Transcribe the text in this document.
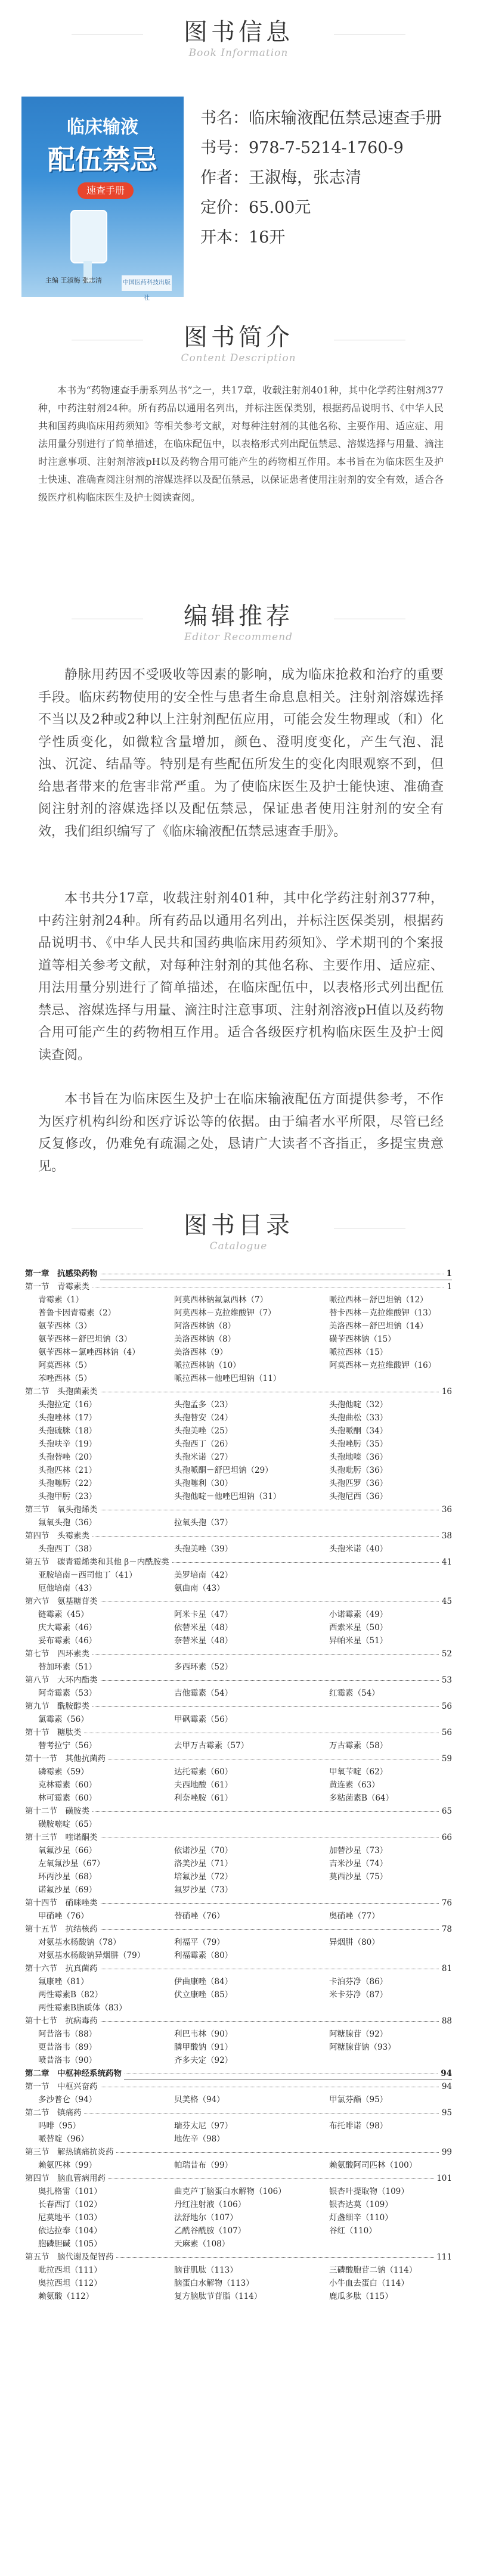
图书信息
Book Information
临床输液
配伍禁忌
速查手册
主编 王淑梅 张志清	中国医药科技出版社
书名：临床输液配伍禁忌速查手册
书号：978-7-5214-1760-9
作者：王淑梅，张志清
定价：65.00元
开本：16开
图书简介
Content Description
本书为“药物速查手册系列丛书”之一，共17章，收载注射剂401种，其中化学药注射剂377种，中药注射剂24种。所有药品以通用名列出，并标注医保类别，根据药品说明书、《中华人民共和国药典临床用药须知》等相关参考文献，对每种注射剂的其他名称、主要作用、适应症、用法用量分别进行了简单描述，在临床配伍中，以表格形式列出配伍禁忌、溶媒选择与用量、滴注时注意事项、注射剂溶液pH以及药物合用可能产生的药物相互作用。本书旨在为临床医生及护士快速、准确查阅注射剂的溶媒选择以及配伍禁忌，以保证患者使用注射剂的安全有效，适合各级医疗机构临床医生及护士阅读查阅。
编辑推荐
Editor Recommend
静脉用药因不受吸收等因素的影响，成为临床抢救和治疗的重要手段。临床药物使用的安全性与患者生命息息相关。注射剂溶媒选择不当以及2种或2种以上注射剂配伍应用，可能会发生物理或（和）化学性质变化，如微粒含量增加，颜色、澄明度变化，产生气泡、混浊、沉淀、结晶等。特别是有些配伍所发生的变化肉眼观察不到，但给患者带来的危害非常严重。为了使临床医生及护士能快速、准确查阅注射剂的溶媒选择以及配伍禁忌，保证患者使用注射剂的安全有效，我们组织编写了《临床输液配伍禁忌速查手册》。
本书共分17章，收载注射剂401种，其中化学药注射剂377种，中药注射剂24种。所有药品以通用名列出，并标注医保类别，根据药品说明书、《中华人民共和国药典临床用药须知》、学术期刊的个案报道等相关参考文献，对每种注射剂的其他名称、主要作用、适应症、用法用量分别进行了简单描述，在临床配伍中，以表格形式列出配伍禁忌、溶媒选择与用量、滴注时注意事项、注射剂溶液pH值以及药物合用可能产生的药物相互作用。适合各级医疗机构临床医生及护士阅读查阅。
本书旨在为临床医生及护士在临床输液配伍方面提供参考，不作为医疗机构纠纷和医疗诉讼等的依据。由于编者水平所限，尽管已经反复修改，仍难免有疏漏之处，恳请广大读者不吝指正，多提宝贵意见。
图书目录
Catalogue
第一章　抗感染药物	1
第一节　青霉素类	1
青霉素（1）	阿莫西林钠氟氯西林（7）	哌拉西林－舒巴坦钠（12）
普鲁卡因青霉素（2）	阿莫西林－克拉维酸钾（7）	替卡西林－克拉维酸钾（13）
氨苄西林（3）	阿洛西林钠（8）	美洛西林－舒巴坦钠（14）
氨苄西林－舒巴坦钠（3）	美洛西林钠（8）	磺苄西林钠（15）
氨苄西林－氯唑西林钠（4）	美洛西林（9）	哌拉西林（15）
阿莫西林（5）	哌拉西林钠（10）	阿莫西林－克拉维酸钾（16）
苯唑西林（5）	哌拉西林－他唑巴坦钠（11）
第二节　头孢菌素类	16
头孢拉定（16）	头孢孟多（23）	头孢他啶（32）
头孢唑林（17）	头孢替安（24）	头孢曲松（33）
头孢硫脒（18）	头孢美唑（25）	头孢哌酮（34）
头孢呋辛（19）	头孢西丁（26）	头孢唑肟（35）
头孢替唑（20）	头孢米诺（27）	头孢地嗪（36）
头孢匹林（21）	头孢哌酮－舒巴坦钠（29）	头孢吡肟（36）
头孢噻肟（22）	头孢噻利（30）	头孢匹罗（36）
头孢甲肟（23）	头孢他啶－他唑巴坦钠（31）	头孢尼西（36）
第三节　氧头孢烯类	36
氟氧头孢（36）	拉氧头孢（37）
第四节　头霉素类	38
头孢西丁（38）	头孢美唑（39）	头孢米诺（40）
第五节　碳青霉烯类和其他 β－内酰胺类	41
亚胺培南－西司他丁（41）	美罗培南（42）
厄他培南（43）	氨曲南（43）
第六节　氨基糖苷类	45
链霉素（45）	阿米卡星（47）	小诺霉素（49）
庆大霉素（46）	依替米星（48）	西索米星（50）
妥布霉素（46）	奈替米星（48）	异帕米星（51）
第七节　四环素类	52
替加环素（51）	多西环素（52）
第八节　大环内酯类	53
阿奇霉素（53）	吉他霉素（54）	红霉素（54）
第九节　酰胺醇类	56
氯霉素（56）	甲砜霉素（56）
第十节　糖肽类	56
替考拉宁（56）	去甲万古霉素（57）	万古霉素（58）
第十一节　其他抗菌药	59
磷霉素（59）	达托霉素（60）	甲氧苄啶（62）
克林霉素（60）	夫西地酸（61）	黄连素（63）
林可霉素（60）	利奈唑胺（61）	多粘菌素B（64）
第十二节　磺胺类	65
磺胺嘧啶（65）
第十三节　喹诺酮类	66
氧氟沙星（66）	依诺沙星（70）	加替沙星（73）
左氧氟沙星（67）	洛美沙星（71）	吉米沙星（74）
环丙沙星（68）	培氟沙星（72）	莫西沙星（75）
诺氟沙星（69）	氟罗沙星（73）
第十四节　硝咪唑类	76
甲硝唑（76）	替硝唑（76）	奥硝唑（77）
第十五节　抗结核药	78
对氨基水杨酸钠（78）	利福平（79）	异烟肼（80）
对氨基水杨酸钠异烟肼（79）	利福霉素（80）
第十六节　抗真菌药	81
氟康唑（81）	伊曲康唑（84）	卡泊芬净（86）
两性霉素B（82）	伏立康唑（85）	米卡芬净（87）
两性霉素B脂质体（83）
第十七节　抗病毒药	88
阿昔洛韦（88）	利巴韦林（90）	阿糖腺苷（92）
更昔洛韦（89）	膦甲酸钠（91）	阿糖腺苷钠（93）
喷昔洛韦（90）	齐多夫定（92）
第二章　中枢神经系统药物	94
第一节　中枢兴奋药	94
多沙普仑（94）	贝美格（94）	甲氯芬酯（95）
第二节　镇痛药	95
吗啡（95）	瑞芬太尼（97）	布托啡诺（98）
哌替啶（96）	地佐辛（98）
第三节　解热镇痛抗炎药	99
赖氨匹林（99）	帕瑞昔布（99）	赖氨酸阿司匹林（100）
第四节　脑血管病用药	101
奥扎格雷（101）	曲克芦丁脑蛋白水解物（106）	银杏叶提取物（109）
长春西汀（102）	丹红注射液（106）	银杏达莫（109）
尼莫地平（103）	法舒地尔（107）	灯盏细辛（110）
依达拉奉（104）	乙酰谷酰胺（107）	谷红（110）
胞磷胆碱（105）	天麻素（108）
第五节　脑代谢及促智药	111
吡拉西坦（111）	脑苷肌肽（113）	三磷酸胞苷二钠（114）
奥拉西坦（112）	脑蛋白水解物（113）	小牛血去蛋白（114）
赖氨酸（112）	复方脑肽节苷脂（114）	鹿瓜多肽（115）
